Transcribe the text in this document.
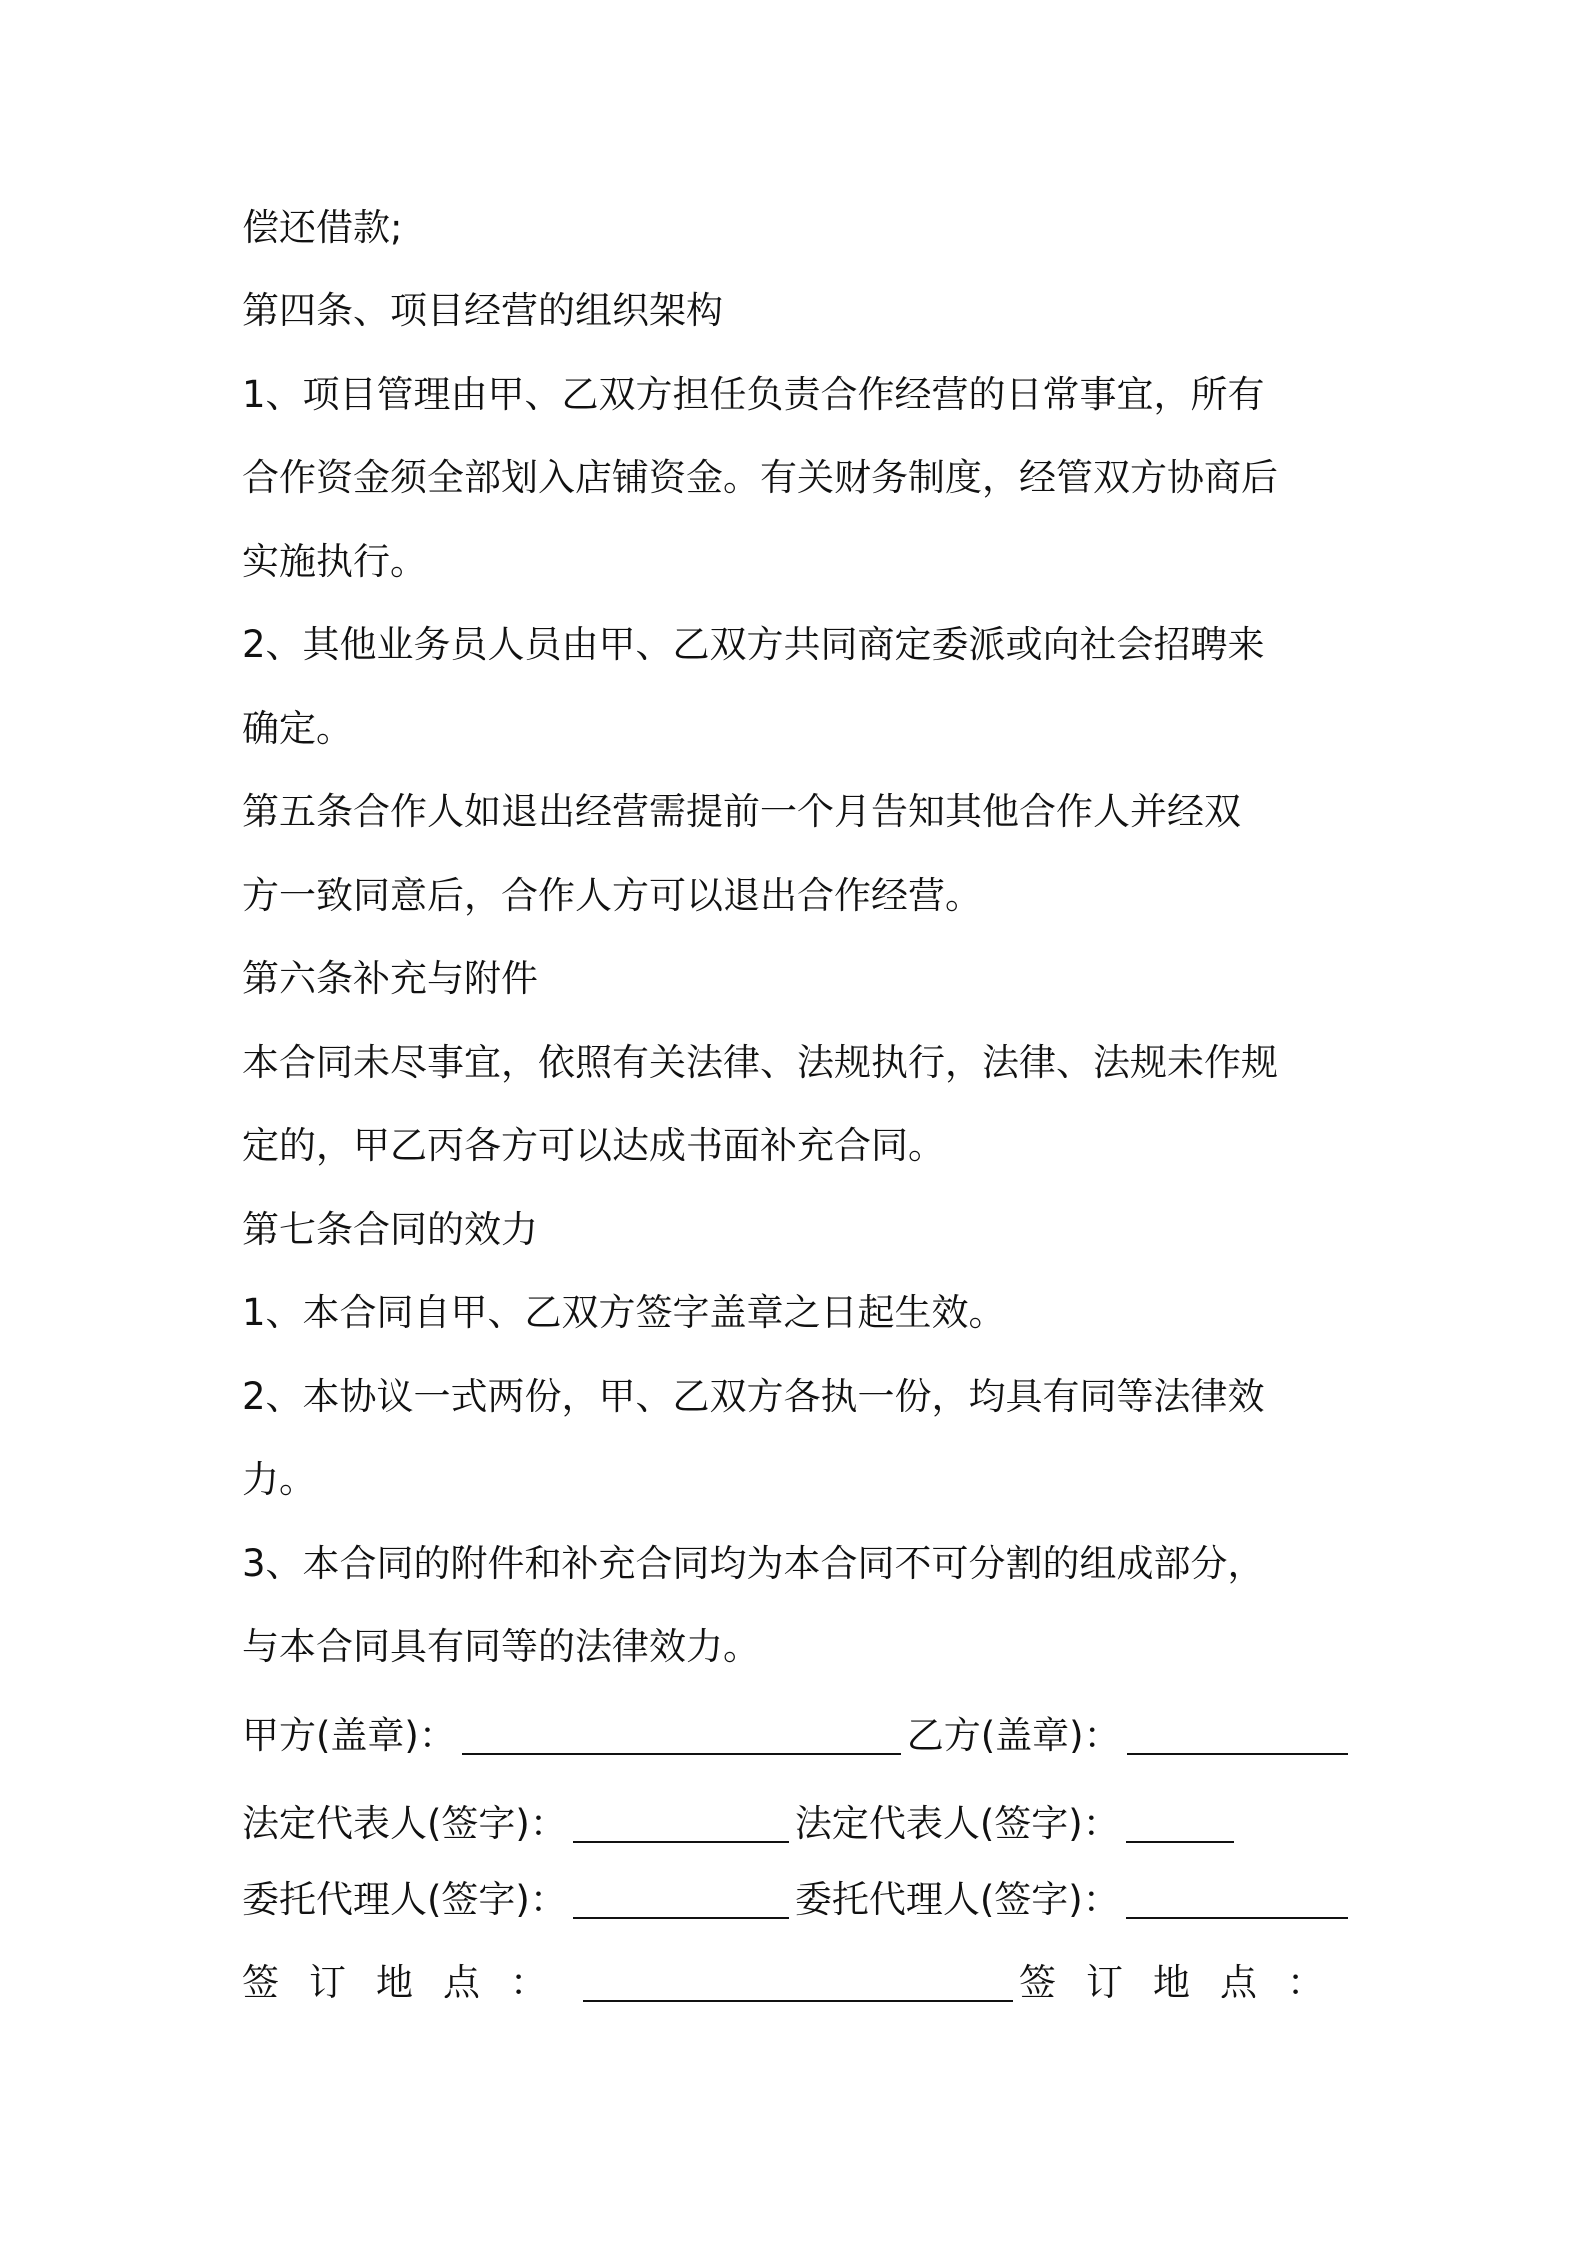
偿还借款;

第四条、项目经营的组织架构

1、项目管理由甲、乙双方担任负责合作经营的日常事宜，所有

合作资金须全部划入店铺资金。有关财务制度，经管双方协商后

实施执行。

2、其他业务员人员由甲、乙双方共同商定委派或向社会招聘来

确定。

第五条合作人如退出经营需提前一个月告知其他合作人并经双

方一致同意后，合作人方可以退出合作经营。

第六条补充与附件

本合同未尽事宜，依照有关法律、法规执行，法律、法规未作规

定的，甲乙丙各方可以达成书面补充合同。

第七条合同的效力

1、本合同自甲、乙双方签字盖章之日起生效。

2、本协议一式两份，甲、乙双方各执一份，均具有同等法律效

力。

3、本合同的附件和补充合同均为本合同不可分割的组成部分，

与本合同具有同等的法律效力。

甲方(盖章)：	乙方(盖章)：
法定代表人(签字)：	法定代表人(签字)：
委托代理人(签字)：	委托代理人(签字)：
签订地点：	签订地点：
